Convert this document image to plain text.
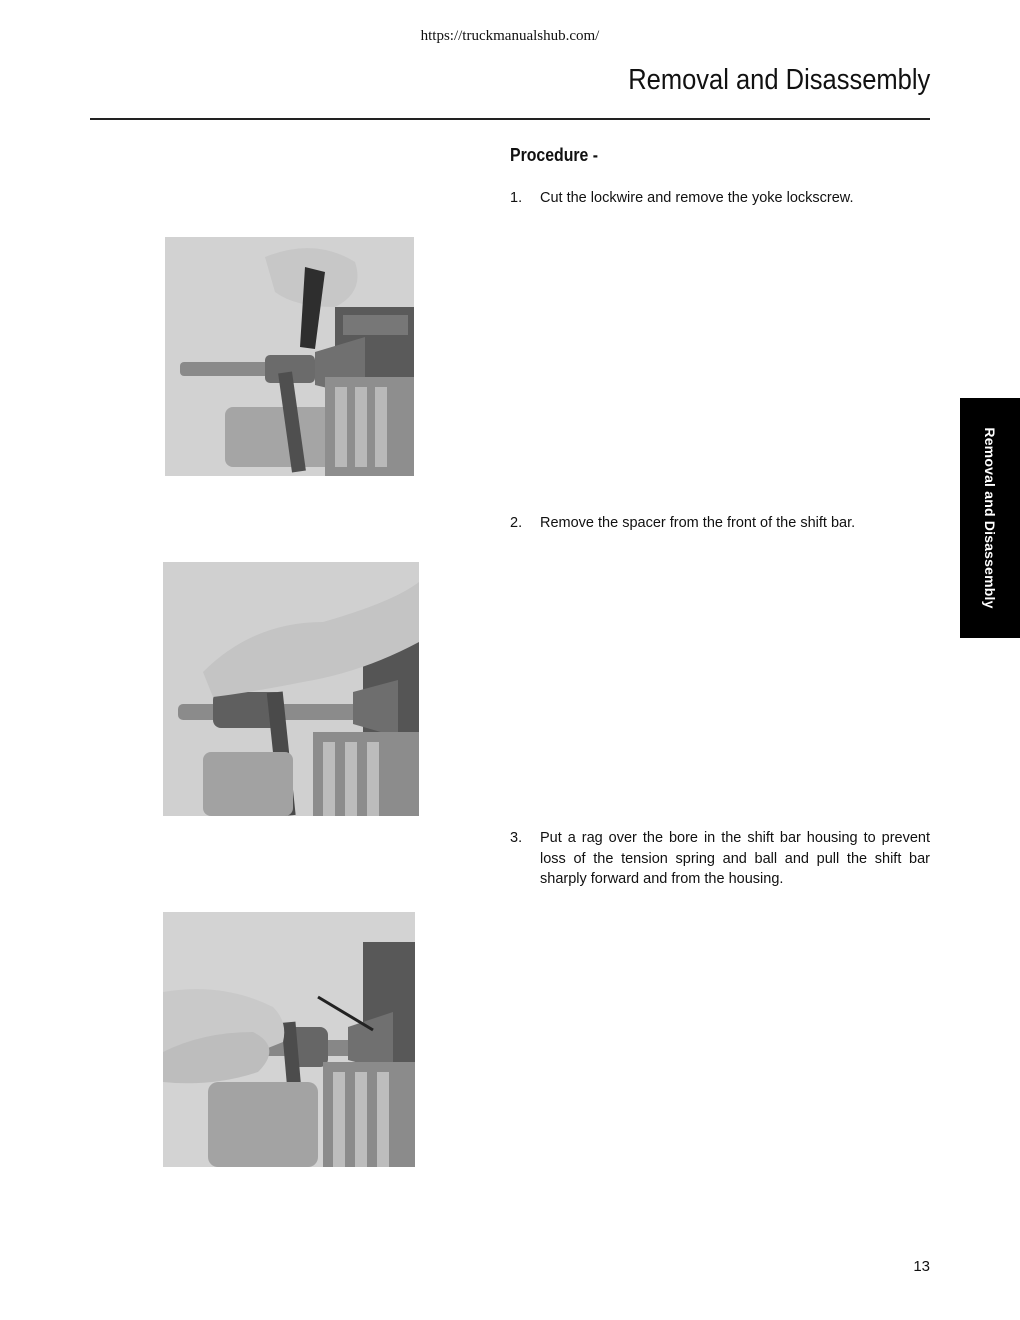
https://truckmanualshub.com/
Removal and Disassembly
Procedure -
1. Cut the lockwire and remove the yoke lockscrew.
2. Remove the spacer from the front of the shift bar.
3. Put a rag over the bore in the shift bar housing to prevent loss of the tension spring and ball and pull the shift bar sharply forward and from the housing.
Removal and Disassembly
13
